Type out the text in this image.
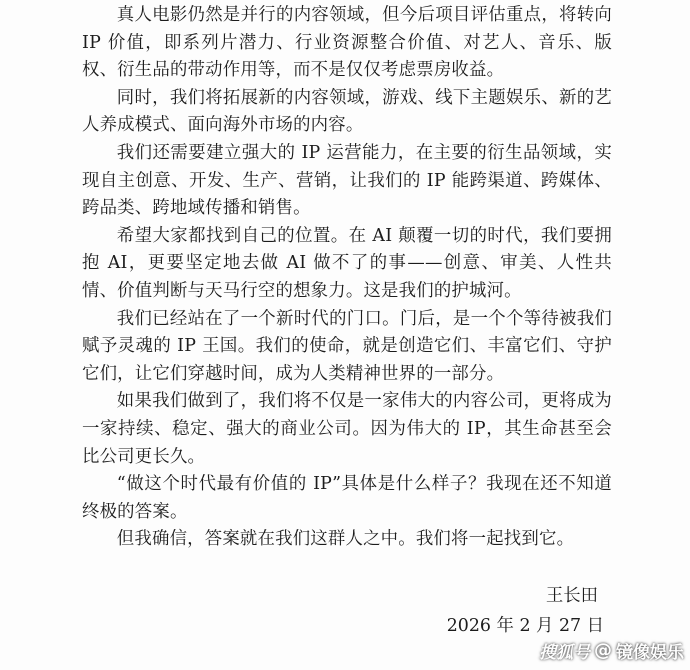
真人电影仍然是并行的内容领域，但今后项目评估重点，将转向 IP 价值，即系列片潜力、行业资源整合价值、对艺人、音乐、版权、衍生品的带动作用等，而不是仅仅考虑票房收益。

同时，我们将拓展新的内容领域，游戏、线下主题娱乐、新的艺人养成模式、面向海外市场的内容。

我们还需要建立强大的 IP 运营能力，在主要的衍生品领域，实现自主创意、开发、生产、营销，让我们的 IP 能跨渠道、跨媒体、跨品类、跨地域传播和销售。

希望大家都找到自己的位置。在 AI 颠覆一切的时代，我们要拥抱 AI，更要坚定地去做 AI 做不了的事——创意、审美、人性共情、价值判断与天马行空的想象力。这是我们的护城河。

我们已经站在了一个新时代的门口。门后，是一个个等待被我们赋予灵魂的 IP 王国。我们的使命，就是创造它们、丰富它们、守护它们，让它们穿越时间，成为人类精神世界的一部分。

如果我们做到了，我们将不仅是一家伟大的内容公司，更将成为一家持续、稳定、强大的商业公司。因为伟大的 IP，其生命甚至会比公司更长久。

“做这个时代最有价值的 IP”具体是什么样子？我现在还不知道终极的答案。

但我确信，答案就在我们这群人之中。我们将一起找到它。

王长田
2026 年 2 月 27 日
搜狐号 @ 镜像娱乐
